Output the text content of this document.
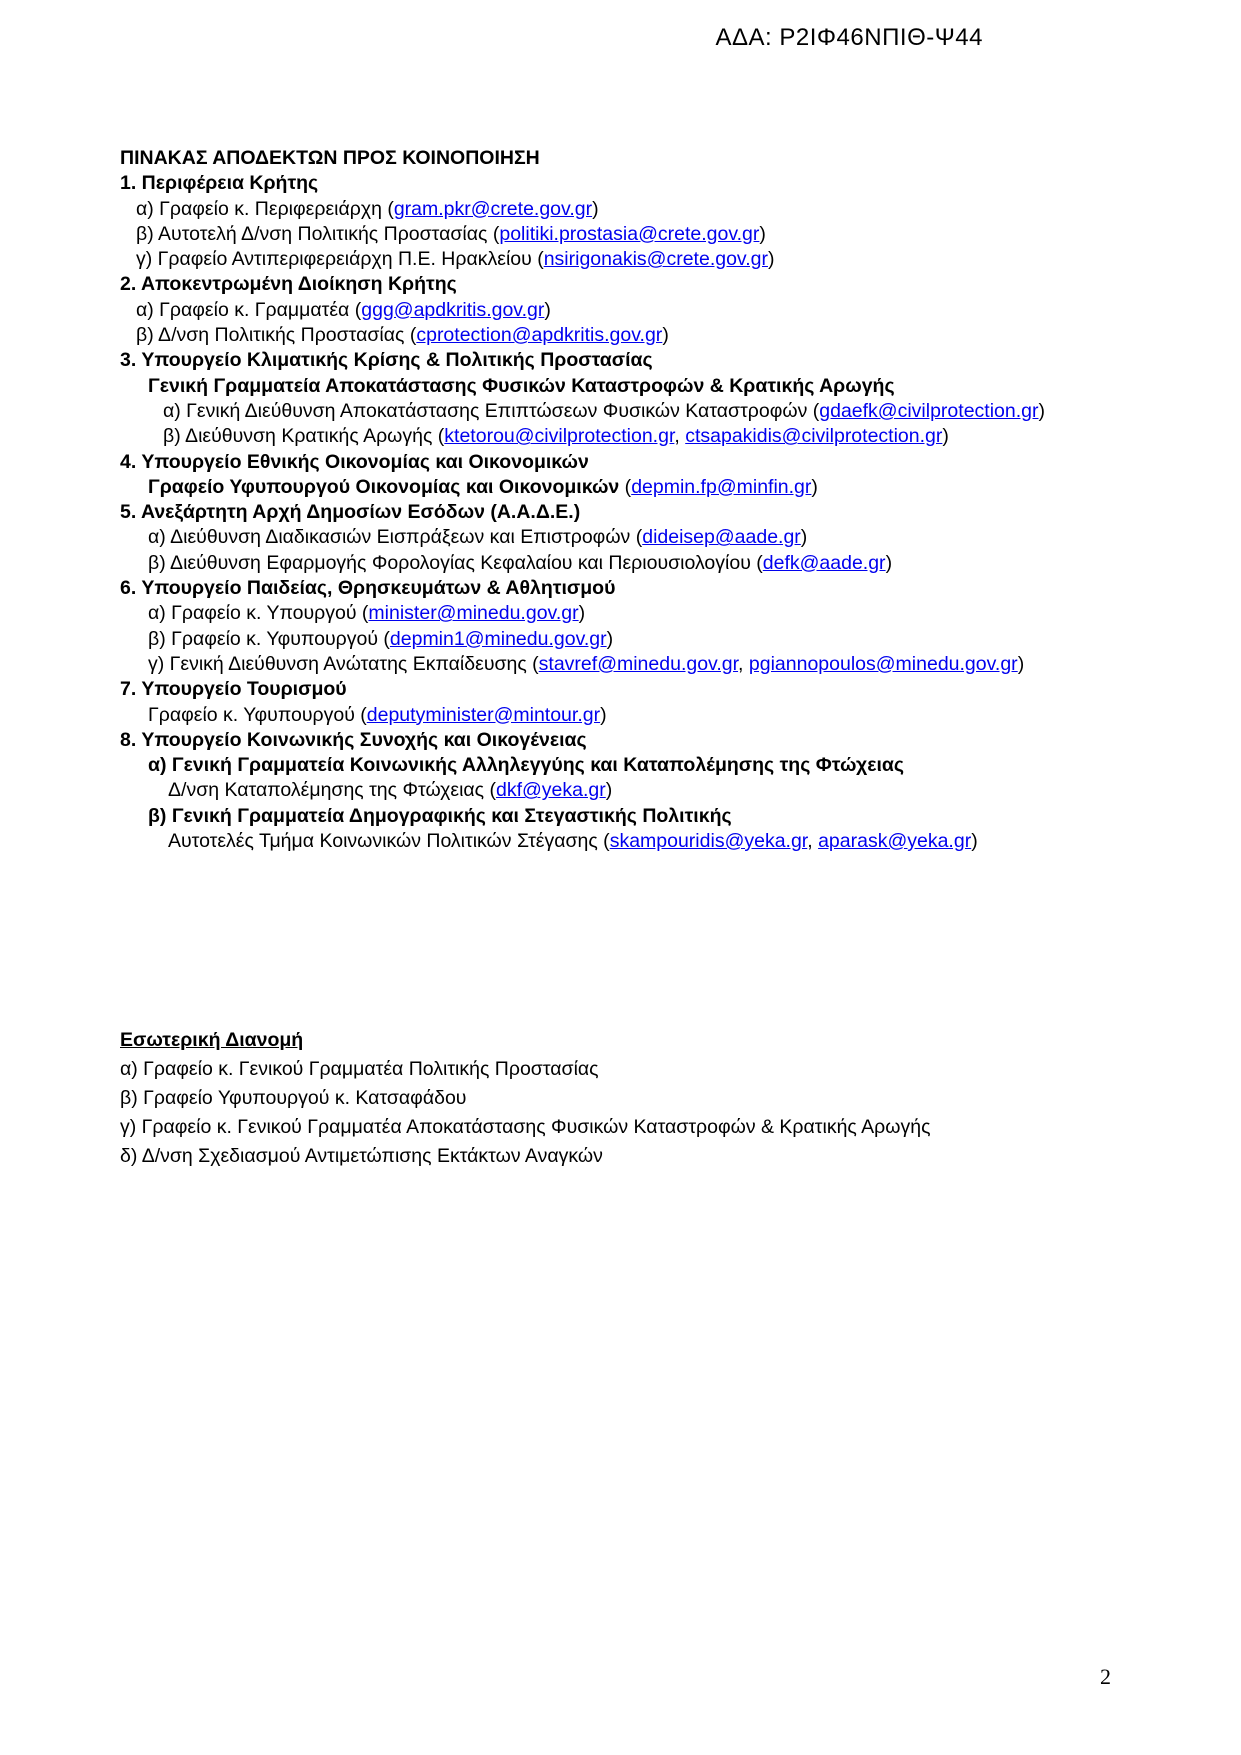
ΑΔΑ: Ρ2ΙΦ46ΝΠΙΘ-Ψ44
ΠΙΝΑΚΑΣ ΑΠΟΔΕΚΤΩΝ ΠΡΟΣ ΚΟΙΝΟΠΟΙΗΣΗ
1. Περιφέρεια Κρήτης
α) Γραφείο κ. Περιφερειάρχη (gram.pkr@crete.gov.gr)
β) Αυτοτελή Δ/νση Πολιτικής Προστασίας (politiki.prostasia@crete.gov.gr)
γ) Γραφείο Αντιπεριφερειάρχη Π.Ε. Ηρακλείου (nsirigonakis@crete.gov.gr)
2. Αποκεντρωμένη Διοίκηση Κρήτης
α) Γραφείο κ. Γραμματέα (ggg@apdkritis.gov.gr)
β) Δ/νση Πολιτικής Προστασίας (cprotection@apdkritis.gov.gr)
3. Υπουργείο Κλιματικής Κρίσης & Πολιτικής Προστασίας
Γενική Γραμματεία Αποκατάστασης Φυσικών Καταστροφών & Κρατικής Αρωγής
α) Γενική Διεύθυνση Αποκατάστασης Επιπτώσεων Φυσικών Καταστροφών (gdaefk@civilprotection.gr)
β) Διεύθυνση Κρατικής Αρωγής (ktetorou@civilprotection.gr, ctsapakidis@civilprotection.gr)
4. Υπουργείο Εθνικής Οικονομίας και Οικονομικών
Γραφείο Υφυπουργού Οικονομίας και Οικονομικών (depmin.fp@minfin.gr)
5. Ανεξάρτητη Αρχή Δημοσίων Εσόδων (Α.Α.Δ.Ε.)
α) Διεύθυνση Διαδικασιών Εισπράξεων και Επιστροφών (dideisep@aade.gr)
β) Διεύθυνση Εφαρμογής Φορολογίας Κεφαλαίου και Περιουσιολογίου (defk@aade.gr)
6. Υπουργείο Παιδείας, Θρησκευμάτων & Αθλητισμού
α) Γραφείο κ. Υπουργού (minister@minedu.gov.gr)
β) Γραφείο κ. Υφυπουργού (depmin1@minedu.gov.gr)
γ) Γενική Διεύθυνση Ανώτατης Εκπαίδευσης (stavref@minedu.gov.gr, pgiannopoulos@minedu.gov.gr)
7. Υπουργείο Τουρισμού
Γραφείο κ. Υφυπουργού (deputyminister@mintour.gr)
8. Υπουργείο Κοινωνικής Συνοχής και Οικογένειας
α) Γενική Γραμματεία Κοινωνικής Αλληλεγγύης και Καταπολέμησης της Φτώχειας
Δ/νση Καταπολέμησης της Φτώχειας (dkf@yeka.gr)
β) Γενική Γραμματεία Δημογραφικής και Στεγαστικής Πολιτικής
Αυτοτελές Τμήμα Κοινωνικών Πολιτικών Στέγασης (skampouridis@yeka.gr, aparask@yeka.gr)
Εσωτερική Διανομή
α) Γραφείο κ. Γενικού Γραμματέα Πολιτικής Προστασίας
β) Γραφείο Υφυπουργού κ. Κατσαφάδου
γ) Γραφείο κ. Γενικού Γραμματέα Αποκατάστασης Φυσικών Καταστροφών & Κρατικής Αρωγής
δ) Δ/νση Σχεδιασμού Αντιμετώπισης Εκτάκτων Αναγκών
2
